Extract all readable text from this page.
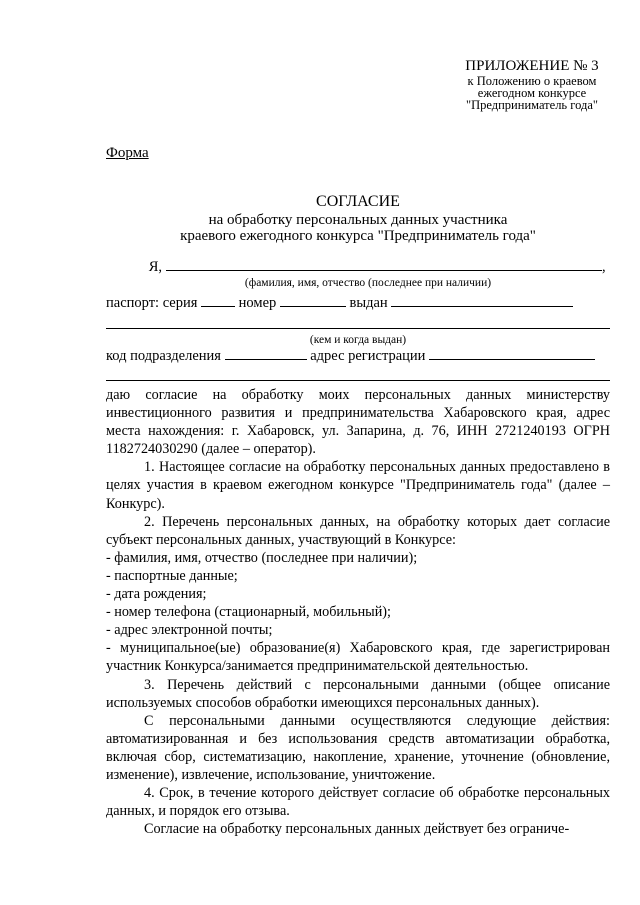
ПРИЛОЖЕНИЕ № 3
к Положению о краевом
ежегодном конкурсе
"Предприниматель года"
Форма
СОГЛАСИЕ
на обработку персональных данных участника
краевого ежегодного конкурса "Предприниматель года"
Я,	,
(фамилия, имя, отчество (последнее при наличии)
паспорт: серия	номер	выдан
(кем и когда выдан)
код подразделения	адрес регистрации

даю согласие на обработку моих персональных данных министерству инвестиционного развития и предпринимательства Хабаровского края, адрес места нахождения: г. Хабаровск, ул. Запарина, д. 76, ИНН 2721240193 ОГРН 1182724030290 (далее – оператор).

1. Настоящее согласие на обработку персональных данных предоставлено в целях участия в краевом ежегодном конкурсе "Предприниматель года" (далее – Конкурс).

2. Перечень персональных данных, на обработку которых дает согласие субъект персональных данных, участвующий в Конкурсе:

- фамилия, имя, отчество (последнее при наличии);

- паспортные данные;

- дата рождения;

- номер телефона (стационарный, мобильный);

- адрес электронной почты;

- муниципальное(ые) образование(я) Хабаровского края, где зарегистрирован участник Конкурса/занимается предпринимательской деятельностью.

3. Перечень действий с персональными данными (общее описание используемых способов обработки имеющихся персональных данных).

С персональными данными осуществляются следующие действия: автоматизированная и без использования средств автоматизации обработка, включая сбор, систематизацию, накопление, хранение, уточнение (обновление, изменение), извлечение, использование, уничтожение.

4. Срок, в течение которого действует согласие об обработке персональных данных, и порядок его отзыва.

Согласие на обработку персональных данных действует без ограниче-
